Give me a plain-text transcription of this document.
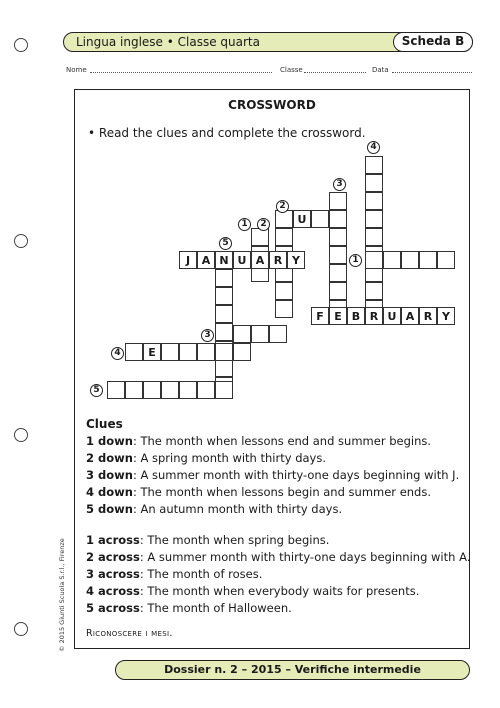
Lingua inglese • Classe quarta	Scheda B
Nome	Classe	Data
CROSSWORD
• Read the clues and complete the crossword.
U
J	A N U A R Y
F E B R U A R Y
E
4
3
2
1	2
5
1
3
4
5
Clues
1 down: The month when lessons end and summer begins.
2 down: A spring month with thirty days.
3 down: A summer month with thirty-one days beginning with J.
4 down: The month when lessons begin and summer ends.
5 down: An autumn month with thirty days.
1 across: The month when spring begins.
2 across: A summer month with thirty-one days beginning with A.
3 across: The month of roses.
4 across: The month when everybody waits for presents.
5 across: The month of Halloween.
Riconoscere i mesi.
Dossier n. 2 – 2015 – Verifiche intermedie
© 2015 Giunti Scuola S.r.l., Firenze
